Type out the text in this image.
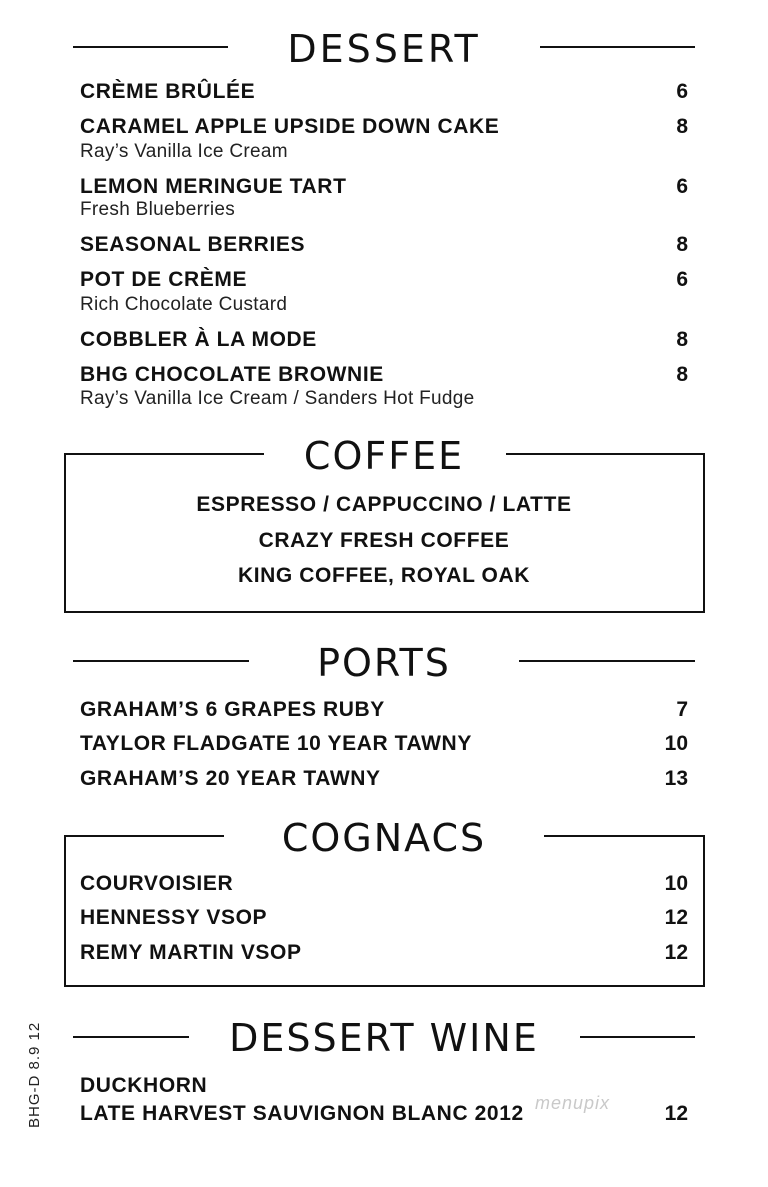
DESSERT
CRÈME BRÛLÉE	6
CARAMEL APPLE UPSIDE DOWN CAKE	8
Ray’s Vanilla Ice Cream
LEMON MERINGUE TART	6
Fresh Blueberries
SEASONAL BERRIES	8
POT DE CRÈME	6
Rich Chocolate Custard
COBBLER À LA MODE	8
BHG CHOCOLATE BROWNIE	8
Ray’s Vanilla Ice Cream / Sanders Hot Fudge
COFFEE
ESPRESSO / CAPPUCCINO / LATTE
CRAZY FRESH COFFEE
KING COFFEE, ROYAL OAK
PORTS
GRAHAM’S 6 GRAPES RUBY	7
TAYLOR FLADGATE 10 YEAR TAWNY	10
GRAHAM’S 20 YEAR TAWNY	13
COGNACS
COURVOISIER	10
HENNESSY VSOP	12
REMY MARTIN VSOP	12
DESSERT WINE
DUCKHORN
LATE HARVEST SAUVIGNON BLANC 2012	12
menupix
BHG-D 8.9 12
